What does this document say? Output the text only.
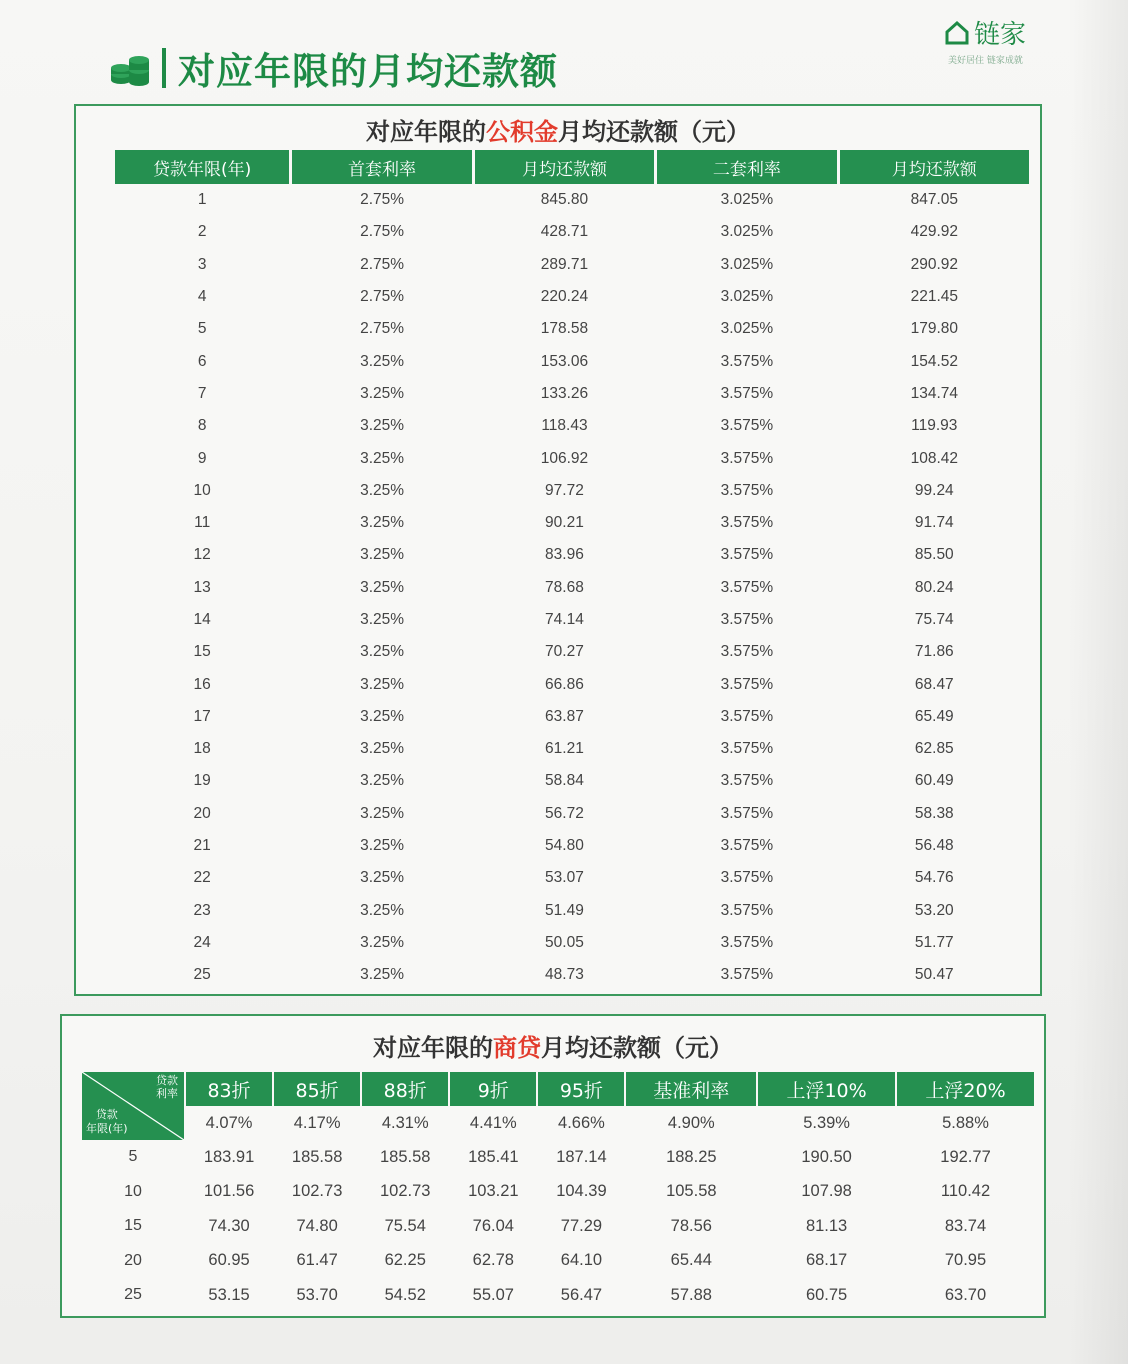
对应年限的月均还款额
链家
美好居住 链家成就
对应年限的公积金月均还款额（元）
贷款年限(年)	首套利率	月均还款额	二套利率	月均还款额
1	2.75%	845.80	3.025%	847.05
2	2.75%	428.71	3.025%	429.92
3	2.75%	289.71	3.025%	290.92
4	2.75%	220.24	3.025%	221.45
5	2.75%	178.58	3.025%	179.80
6	3.25%	153.06	3.575%	154.52
7	3.25%	133.26	3.575%	134.74
8	3.25%	118.43	3.575%	119.93
9	3.25%	106.92	3.575%	108.42
10	3.25%	97.72	3.575%	99.24
11	3.25%	90.21	3.575%	91.74
12	3.25%	83.96	3.575%	85.50
13	3.25%	78.68	3.575%	80.24
14	3.25%	74.14	3.575%	75.74
15	3.25%	70.27	3.575%	71.86
16	3.25%	66.86	3.575%	68.47
17	3.25%	63.87	3.575%	65.49
18	3.25%	61.21	3.575%	62.85
19	3.25%	58.84	3.575%	60.49
20	3.25%	56.72	3.575%	58.38
21	3.25%	54.80	3.575%	56.48
22	3.25%	53.07	3.575%	54.76
23	3.25%	51.49	3.575%	53.20
24	3.25%	50.05	3.575%	51.77
25	3.25%	48.73	3.575%	50.47
对应年限的商贷月均还款额（元）
贷款
利率
贷款
年限(年)	83折	85折	88折	9折	95折	基准利率	上浮10%	上浮20%
	4.07%	4.17%	4.31%	4.41%	4.66%	4.90%	5.39%	5.88%
5	183.91	185.58	185.58	185.41	187.14	188.25	190.50	192.77
10	101.56	102.73	102.73	103.21	104.39	105.58	107.98	110.42
15	74.30	74.80	75.54	76.04	77.29	78.56	81.13	83.74
20	60.95	61.47	62.25	62.78	64.10	65.44	68.17	70.95
25	53.15	53.70	54.52	55.07	56.47	57.88	60.75	63.70
